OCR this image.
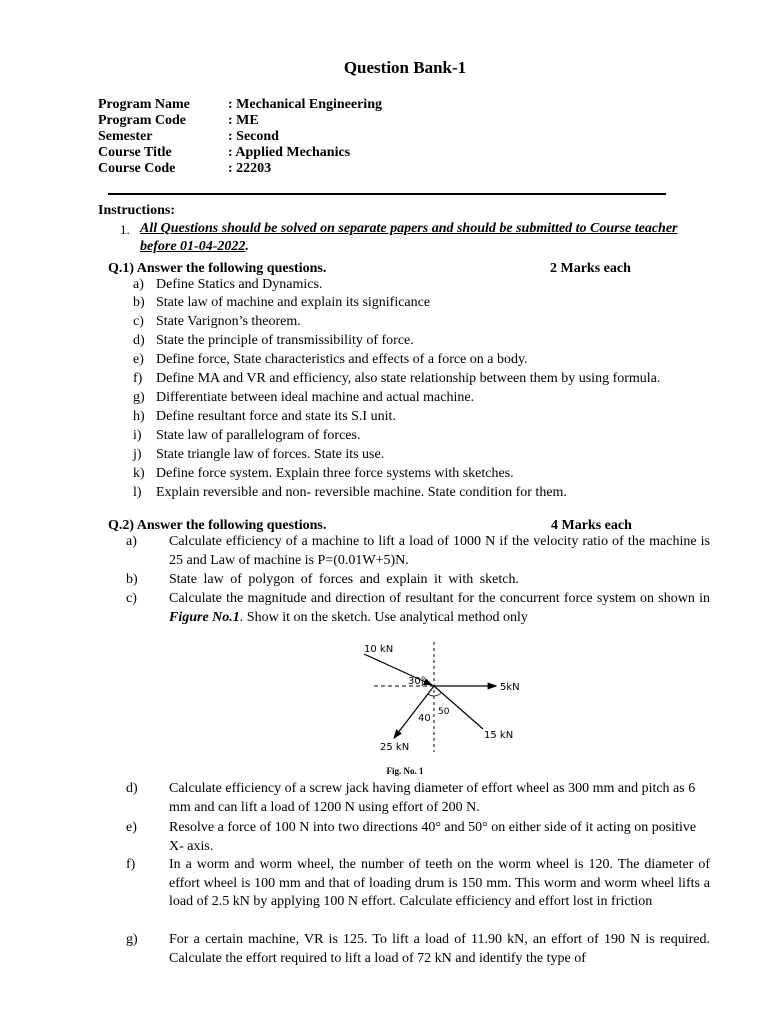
Question Bank-1
Program Name	: Mechanical Engineering
Program Code	: ME
Semester	: Second
Course Title	: Applied Mechanics
Course Code	: 22203
Instructions:
1. All Questions should be solved on separate papers and should be submitted to Course teacher
before 01-04-2022.
Q.1) Answer the following questions.	2 Marks each
a) Define Statics and Dynamics.
b) State law of machine and explain its significance
c) State Varignon’s theorem.
d) State the principle of transmissibility of force.
e) Define force, State characteristics and effects of a force on a body.
f) Define MA and VR and efficiency, also state relationship between them by using formula.
g) Differentiate between ideal machine and actual machine.
h) Define resultant force and state its S.I unit.
i)	State law of parallelogram of forces.
j)	State triangle law of forces. State its use.
k) Define force system. Explain three force systems with sketches.
l)	Explain reversible and non- reversible machine. State condition for them.
Q.2) Answer the following questions.	4 Marks each
a) Calculate efficiency of a machine to lift a load of 1000 N if the velocity ratio of the machine is 25 and Law of machine is P=(0.01W+5)N.
b) State law of polygon of forces and explain it with sketch.
c) Calculate the magnitude and direction of resultant for the concurrent force system on shown in Figure No.1. Show it on the sketch. Use analytical method only
10 kN
5kN
15 kN
25 kN
30°
50
40
Fig. No. 1
d) Calculate efficiency of a screw jack having diameter of effort wheel as 300 mm and pitch as 6 mm and can lift a load of 1200 N using effort of 200 N.
e) Resolve a force of 100 N into two directions 40° and 50° on either side of it acting on positive X- axis.
f) In a worm and worm wheel, the number of teeth on the worm wheel is 120. The diameter of effort wheel is 100 mm and that of loading drum is 150 mm. This worm and worm wheel lifts a load of 2.5 kN by applying 100 N effort. Calculate efficiency and effort lost in friction
g) For a certain machine, VR is 125. To lift a load of 11.90 kN, an effort of 190 N is required. Calculate the effort required to lift a load of 72 kN and identify the type of
